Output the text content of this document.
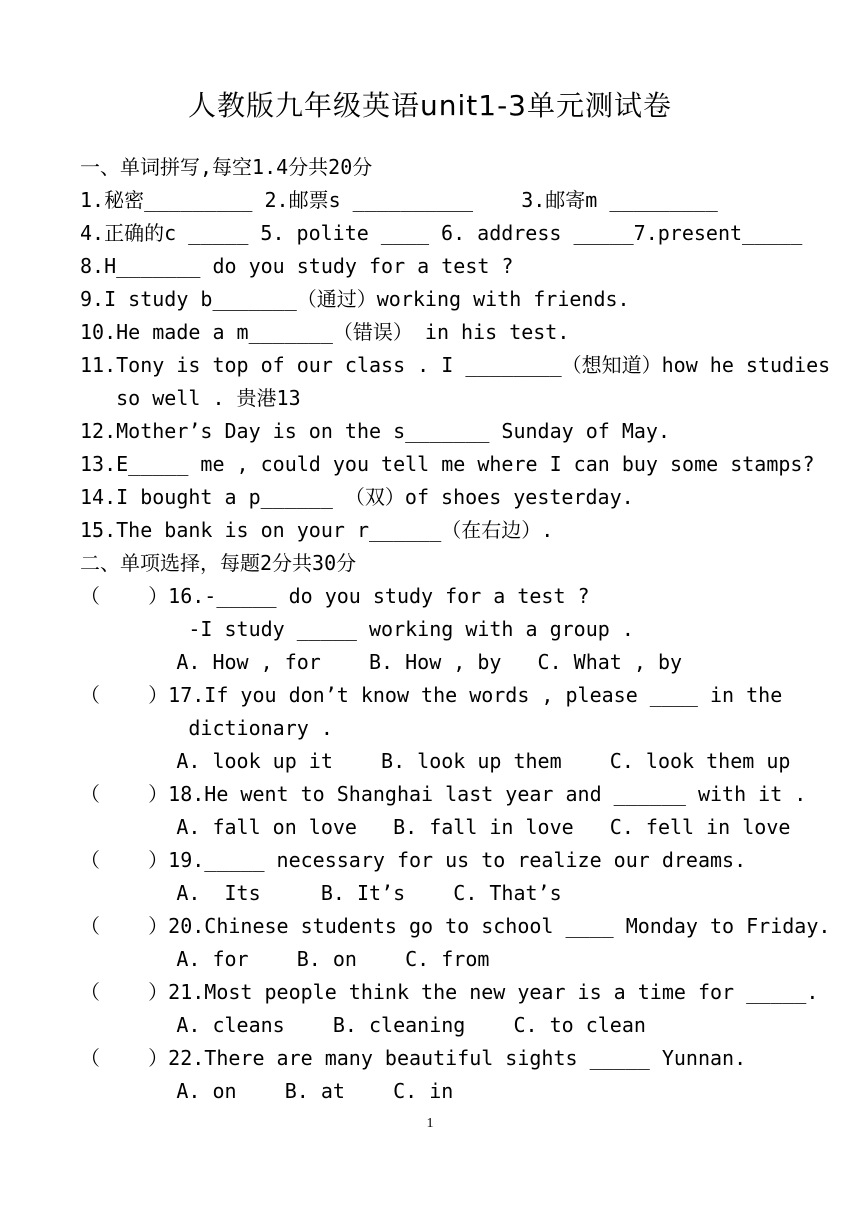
人教版九年级英语unit1-3单元测试卷
一、单词拼写,每空1.4分共20分
1.秘密_________ 2.邮票s __________    3.邮寄m _________
4.正确的c _____ 5. polite ____ 6. address _____7.present_____
8.H_______ do you study for a test ?
9.I study b_______（通过）working with friends.
10.He made a m_______（错误） in his test.
11.Tony is top of our class . I ________（想知道）how he studies
so well . 贵港13
12.Mother’s Day is on the s_______ Sunday of May.
13.E_____ me , could you tell me where I can buy some stamps?
14.I bought a p______ （双）of shoes yesterday.
15.The bank is on your r______（在右边）.
二、单项选择，每题2分共30分
（    ）16.-_____ do you study for a test ?
-I study _____ working with a group .
A. How , for    B. How , by   C. What , by
（    ）17.If you don’t know the words , please ____ in the
dictionary .
A. look up it    B. look up them    C. look them up
（    ）18.He went to Shanghai last year and ______ with it .
A. fall on love   B. fall in love   C. fell in love
（    ）19._____ necessary for us to realize our dreams.
A.  Its     B. It’s    C. That’s
（    ）20.Chinese students go to school ____ Monday to Friday.
A. for    B. on    C. from
（    ）21.Most people think the new year is a time for _____.
A. cleans    B. cleaning    C. to clean
（    ）22.There are many beautiful sights _____ Yunnan.
A. on    B. at    C. in
1
